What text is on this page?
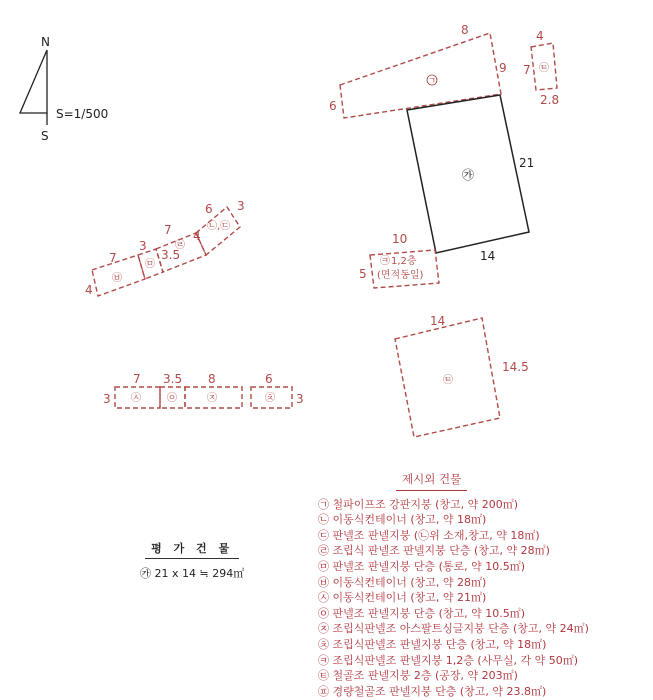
N
S
S=1/500
㉠
8
9
6
㉮
21
14
㉫
4
7
2.8
㉪ 1,2층
(면적동일)
10
5
㉫
14
14.5
㉥
㉤
㉣
㉡,㉢
7
4
3
7
3.5
6 3
4
㉦	㉧	㉨	㉩
7
3
3.5 8	6
3
평 가 건 물
㉮ 21 x 14 ≒ 294㎡
제시외 건물
㉠ 철파이프조 강판지붕 (창고, 약 200㎡)
㉡ 이동식컨테이너 (창고, 약 18㎡)
㉢ 판넬조 판넬지붕 (㉡위 소재,창고, 약 18㎡)
㉣ 조립식 판넬조 판넬지붕 단층 (창고, 약 28㎡)
㉤ 판넬조 판넬지붕 단층 (통로, 약 10.5㎡)
㉥ 이동식컨테이너 (창고, 약 28㎡)
㉦ 이동식컨테이너 (창고, 약 21㎡)
㉧ 판넬조 판넬지붕 단층 (창고, 약 10.5㎡)
㉨ 조립식판넬조 아스팔트싱글지붕 단층 (창고, 약 24㎡)
㉩ 조립식판넬조 판넬지붕 단층 (창고, 약 18㎡)
㉪ 조립식판넬조 판넬지붕 1,2층 (사무실, 각 약 50㎡)
㉫ 철골조 판넬지붕 2층 (공장, 약 203㎡)
㉬ 경량철골조 판넬지붕 단층 (창고, 약 23.8㎡)
